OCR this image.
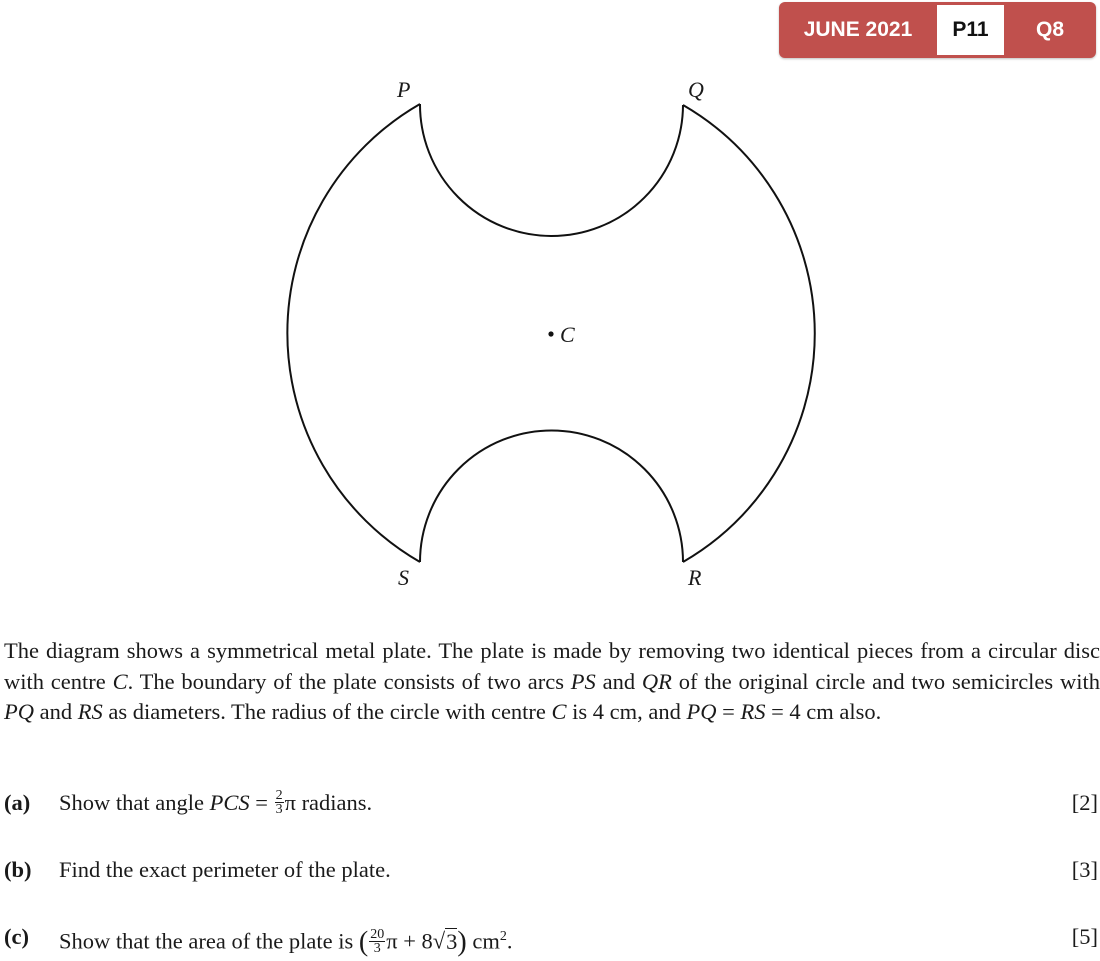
JUNE 2021	P11	Q8
P	Q
S	R
C

The diagram shows a symmetrical metal plate. The plate is made by removing two identical pieces from a circular disc with centre C. The boundary of the plate consists of two arcs PS and QR of the original circle and two semicircles with PQ and RS as diameters. The radius of the circle with centre C is 4 cm, and PQ = RS = 4 cm also.

(a) Show that angle PCS = $\frac{2}{3}$ π radians.	[2]
(b) Find the exact perimeter of the plate.	[3]
(c) Show that the area of the plate is ( $\frac{20}{3}$ π + 8√3) $cm^2$.	[5]
